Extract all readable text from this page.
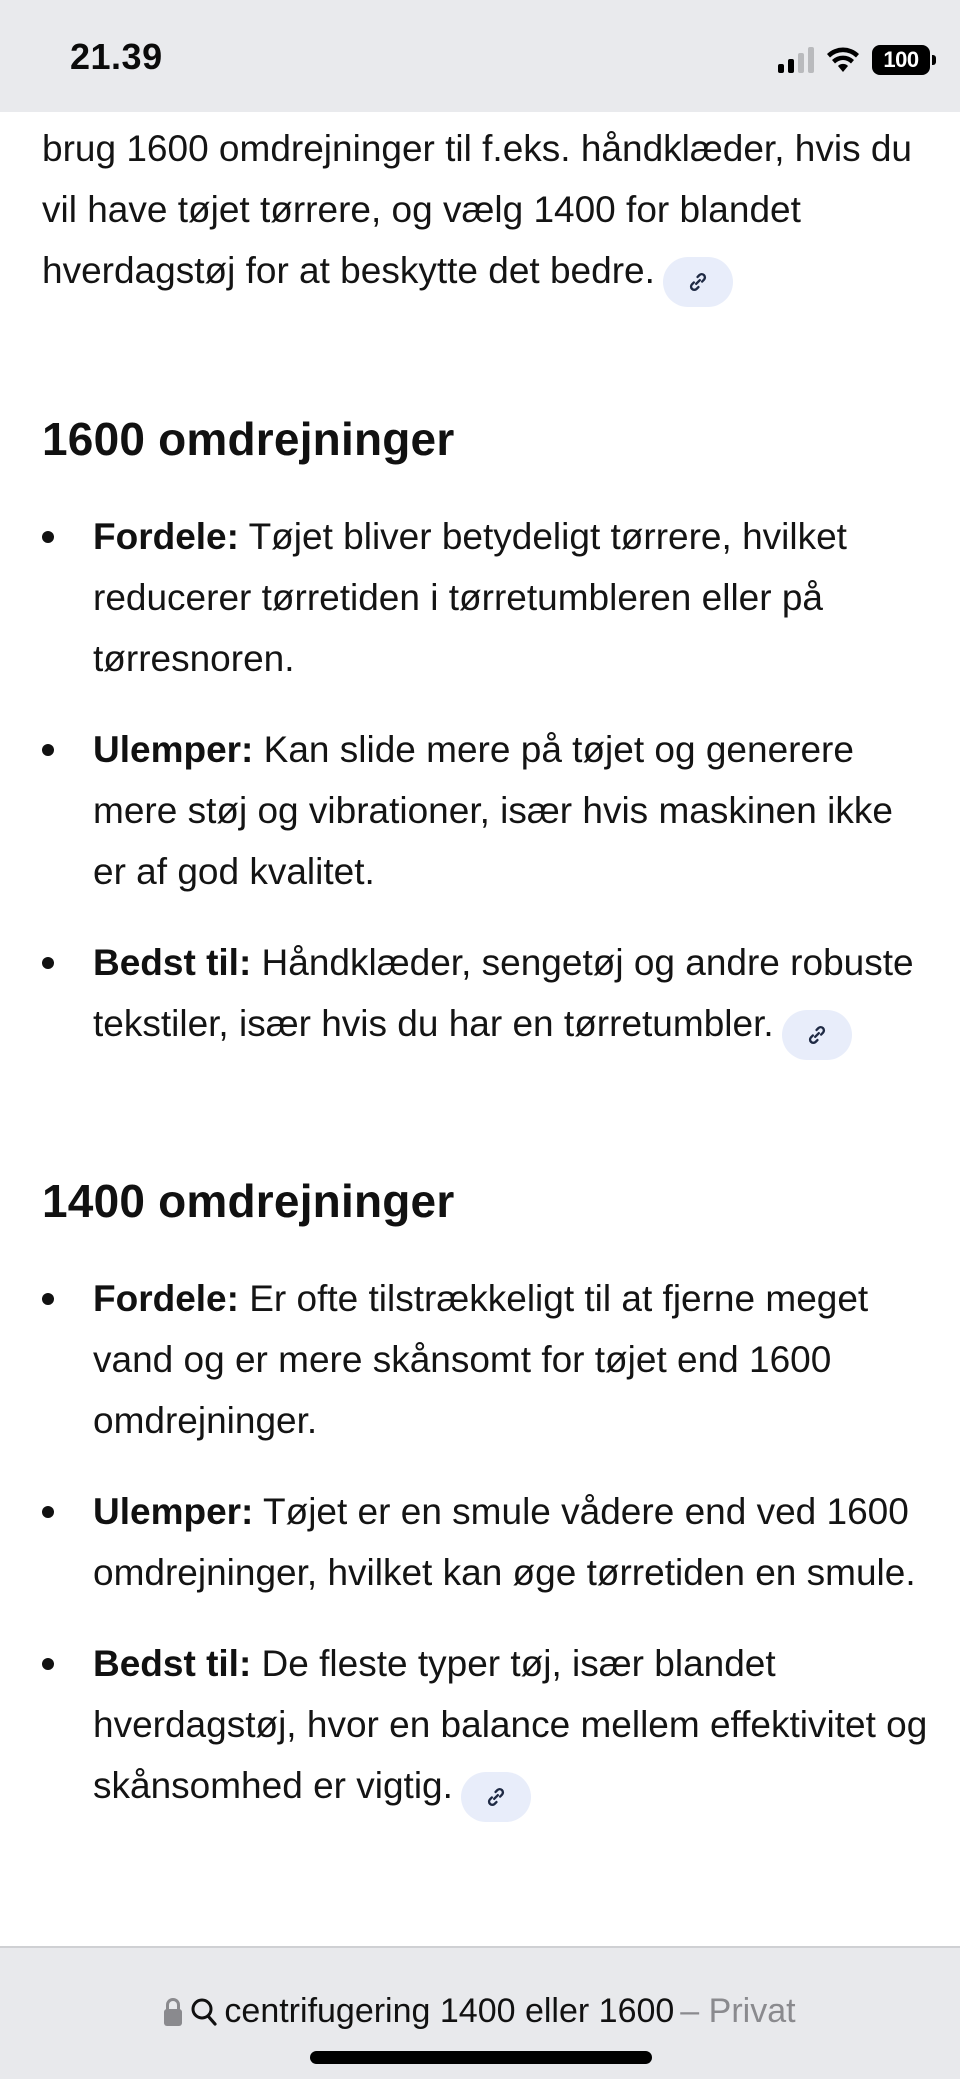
21.39	100
brug 1600 omdrejninger til f.eks. håndklæder, hvis du vil have tøjet tørrere, og vælg 1400 for blandet hverdagstøj for at beskytte det bedre.
1600 omdrejninger
Fordele: Tøjet bliver betydeligt tørrere, hvilket reducerer tørretiden i tørretumbleren eller på tørresnoren.
Ulemper: Kan slide mere på tøjet og generere mere støj og vibrationer, især hvis maskinen ikke er af god kvalitet.
Bedst til: Håndklæder, sengetøj og andre robuste tekstiler, især hvis du har en tørretumbler.
1400 omdrejninger
Fordele: Er ofte tilstrækkeligt til at fjerne meget vand og er mere skånsomt for tøjet end 1600 omdrejninger.
Ulemper: Tøjet er en smule vådere end ved 1600 omdrejninger, hvilket kan øge tørretiden en smule.
Bedst til: De fleste typer tøj, især blandet hverdagstøj, hvor en balance mellem effektivitet og skånsomhed er vigtig.
centrifugering 1400 eller 1600 – Privat
